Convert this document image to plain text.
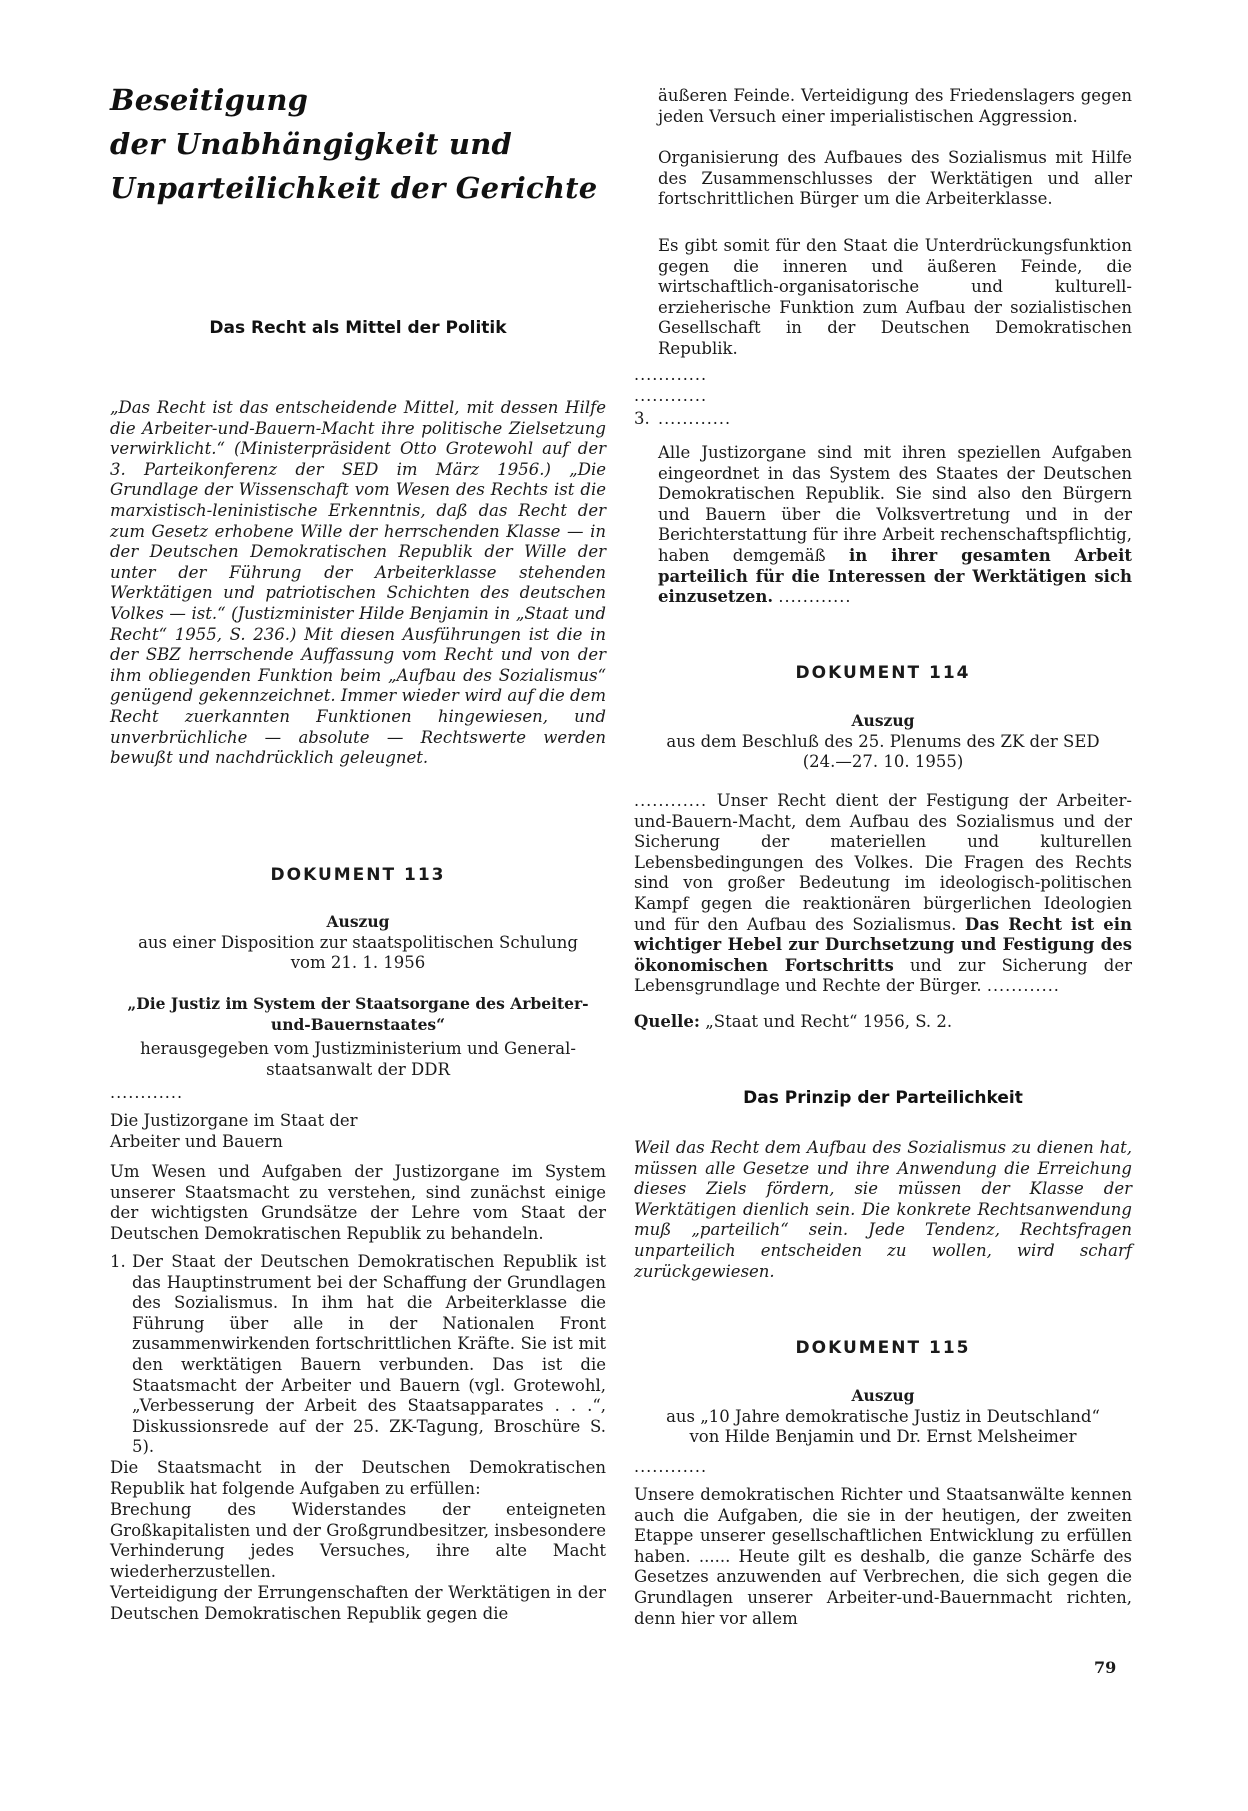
Beseitigung
der Unabhängigkeit und
Unparteilichkeit der Gerichte
Das Recht als Mittel der Politik

„Das Recht ist das entscheidende Mittel, mit dessen Hilfe die Arbeiter-und-Bauern-Macht ihre politische Zielsetzung verwirklicht.“ (Ministerpräsident Otto Grotewohl auf der 3. Parteikonferenz der SED im März 1956.) „Die Grundlage der Wissenschaft vom Wesen des Rechts ist die marxistisch-leninistische Erkenntnis, daß das Recht der zum Gesetz erhobene Wille der herrschenden Klasse — in der Deutschen Demokratischen Republik der Wille der unter der Führung der Arbeiterklasse stehenden Werktätigen und patriotischen Schichten des deutschen Volkes — ist.“ (Justizminister Hilde Benjamin in „Staat und Recht“ 1955, S. 236.) Mit diesen Ausführungen ist die in der SBZ herrschende Auffassung vom Recht und von der ihm obliegenden Funktion beim „Aufbau des Sozialismus“ genügend gekennzeichnet. Immer wieder wird auf die dem Recht zuerkannten Funktionen hingewiesen, und unverbrüchliche — absolute — Rechtswerte werden bewußt und nachdrücklich geleugnet.

DOKUMENT 113
Auszug
aus einer Disposition zur staatspolitischen Schulung
vom 21. 1. 1956

„Die Justiz im System der Staatsorgane des Arbeiter- und-Bauernstaates“

herausgegeben vom Justizministerium und General-
staatsanwalt der DDR
............
Die Justizorgane im Staat der
Arbeiter und Bauern

Um Wesen und Aufgaben der Justizorgane im System unserer Staatsmacht zu verstehen, sind zunächst einige der wichtigsten Grundsätze der Lehre vom Staat der Deutschen Demokratischen Republik zu behandeln.

1. Der Staat der Deutschen Demokratischen Republik ist das Hauptinstrument bei der Schaffung der Grundlagen des Sozialismus. In ihm hat die Arbeiterklasse die Führung über alle in der Nationalen Front zusammenwirkenden fortschrittlichen Kräfte. Sie ist mit den werktätigen Bauern verbunden. Das ist die Staatsmacht der Arbeiter und Bauern (vgl. Grotewohl, „Verbesserung der Arbeit des Staatsapparates . . .“, Diskussionsrede auf der 25. ZK-Tagung, Broschüre S. 5).

Die Staatsmacht in der Deutschen Demokratischen Republik hat folgende Aufgaben zu erfüllen:

Brechung des Widerstandes der enteigneten Großkapitalisten und der Großgrundbesitzer, insbesondere Verhinderung jedes Versuches, ihre alte Macht wiederherzustellen.

Verteidigung der Errungenschaften der Werktätigen in der Deutschen Demokratischen Republik gegen die

äußeren Feinde. Verteidigung des Friedenslagers gegen jeden Versuch einer imperialistischen Aggression.

Organisierung des Aufbaues des Sozialismus mit Hilfe des Zusammenschlusses der Werktätigen und aller fortschrittlichen Bürger um die Arbeiterklasse.

Es gibt somit für den Staat die Unterdrückungsfunktion gegen die inneren und äußeren Feinde, die wirtschaftlich-organisatorische und kulturell-erzieherische Funktion zum Aufbau der sozialistischen Gesellschaft in der Deutschen Demokratischen Republik.

............
............
3. ............

Alle Justizorgane sind mit ihren speziellen Aufgaben eingeordnet in das System des Staates der Deutschen Demokratischen Republik. Sie sind also den Bürgern und Bauern über die Volksvertretung und in der Berichterstattung für ihre Arbeit rechenschaftspflichtig, haben demgemäß in ihrer gesamten Arbeit parteilich für die Interessen der Werktätigen sich einzusetzen. ............

DOKUMENT 114
Auszug
aus dem Beschluß des 25. Plenums des ZK der SED
(24.—27. 10. 1955)

............ Unser Recht dient der Festigung der Arbeiter-und-Bauern-Macht, dem Aufbau des Sozialismus und der Sicherung der materiellen und kulturellen Lebensbedingungen des Volkes. Die Fragen des Rechts sind von großer Bedeutung im ideologisch-politischen Kampf gegen die reaktionären bürgerlichen Ideologien und für den Aufbau des Sozialismus. Das Recht ist ein wichtiger Hebel zur Durchsetzung und Festigung des ökonomischen Fortschritts und zur Sicherung der Lebensgrundlage und Rechte der Bürger. ............

Quelle: „Staat und Recht“ 1956, S. 2.

Das Prinzip der Parteilichkeit

Weil das Recht dem Aufbau des Sozialismus zu dienen hat, müssen alle Gesetze und ihre Anwendung die Erreichung dieses Ziels fördern, sie müssen der Klasse der Werktätigen dienlich sein. Die konkrete Rechtsanwendung muß „parteilich“ sein. Jede Tendenz, Rechtsfragen unparteilich entscheiden zu wollen, wird scharf zurückgewiesen.

DOKUMENT 115
Auszug
aus „10 Jahre demokratische Justiz in Deutschland“
von Hilde Benjamin und Dr. Ernst Melsheimer
............

Unsere demokratischen Richter und Staatsanwälte kennen auch die Aufgaben, die sie in der heutigen, der zweiten Etappe unserer gesellschaftlichen Entwicklung zu erfüllen haben. ...... Heute gilt es deshalb, die ganze Schärfe des Gesetzes anzuwenden auf Verbrechen, die sich gegen die Grundlagen unserer Arbeiter-und-Bauernmacht richten, denn hier vor allem

79
